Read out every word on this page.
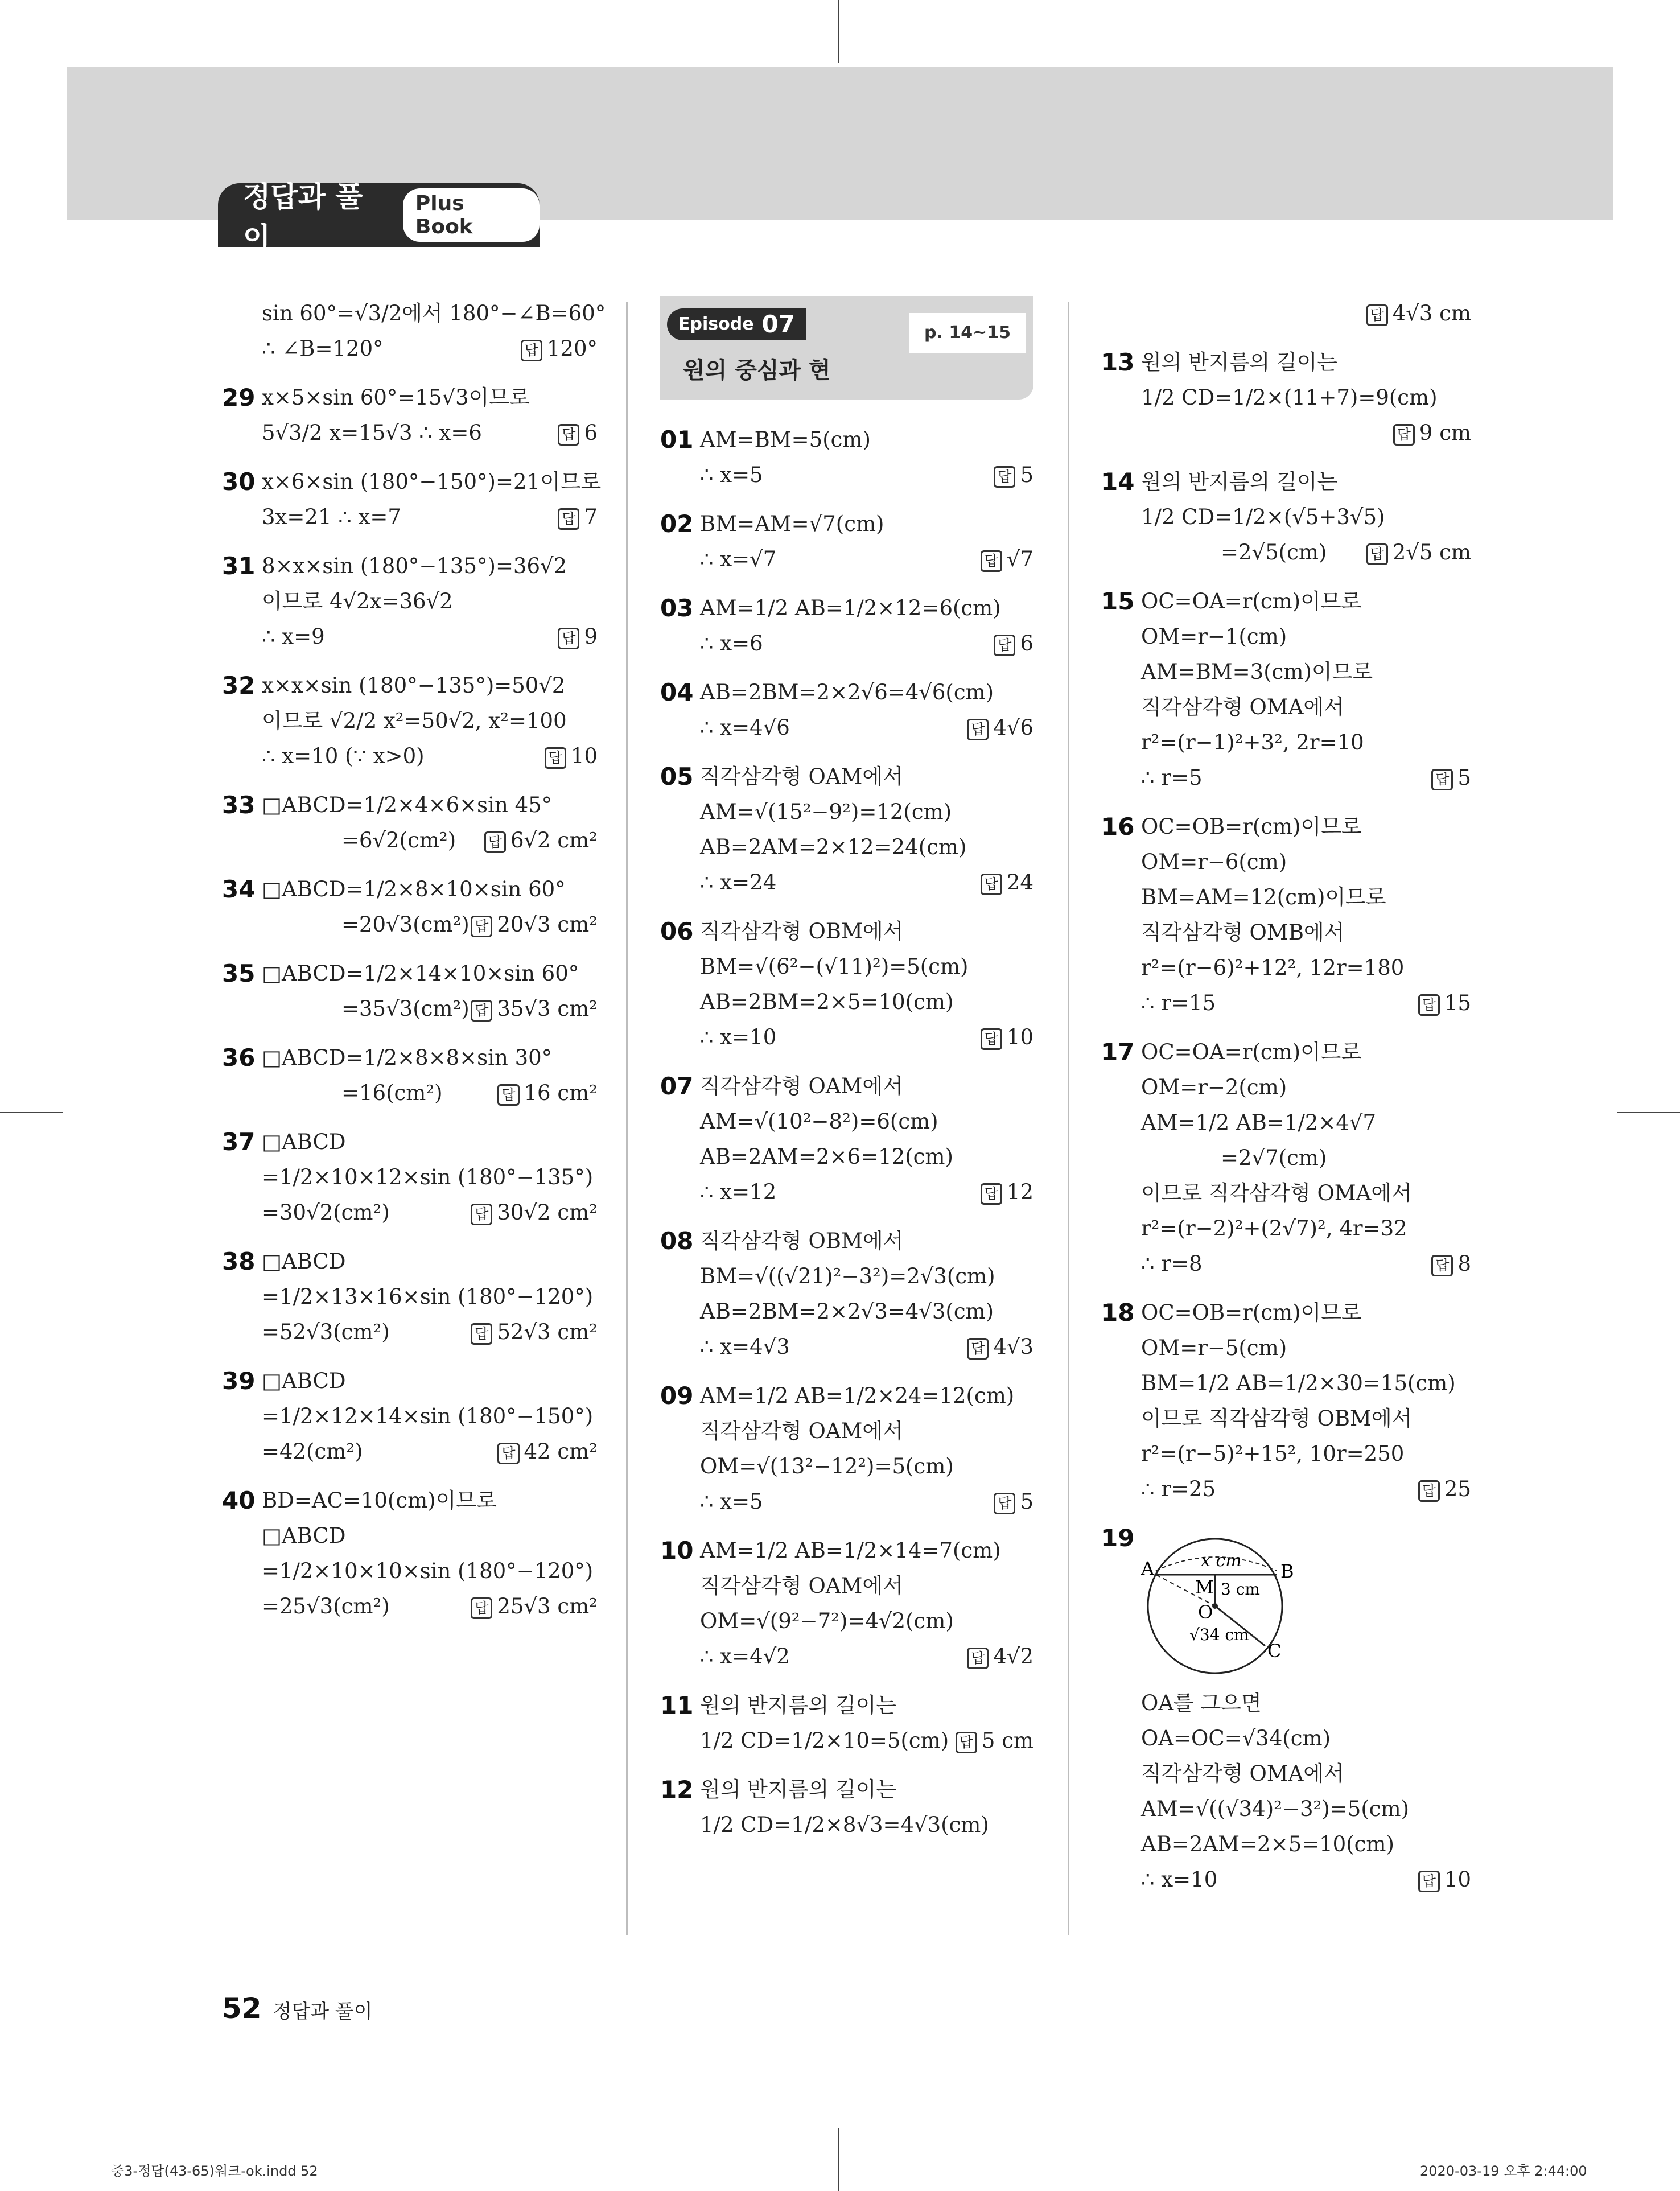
정답과 풀이
Plus Book
sin 60°=√3/2에서 180°−∠B=60°
∴ ∠B=120°	답 120°
29 x×5×sin 60°=15√3이므로
5√3/2 x=15√3 ∴ x=6	답 6
30 x×6×sin (180°−150°)=21이므로
3x=21 ∴ x=7	답 7
31 8×x×sin (180°−135°)=36√2
이므로 4√2x=36√2
∴ x=9	답 9
32 x×x×sin (180°−135°)=50√2
이므로 √2/2 x²=50√2, x²=100
∴ x=10 (∵ x>0)	답 10
33 □ABCD=1/2×4×6×sin 45°
=6√2(cm²) 답 6√2 cm²
34 □ABCD=1/2×8×10×sin 60°
=20√3(cm²) 답 20√3 cm²
35 □ABCD=1/2×14×10×sin 60°
=35√3(cm²) 답 35√3 cm²
36 □ABCD=1/2×8×8×sin 30°
=16(cm²)	답 16 cm²
37 □ABCD
=1/2×10×12×sin (180°−135°)
=30√2(cm²)	답 30√2 cm²
38 □ABCD
=1/2×13×16×sin (180°−120°)
=52√3(cm²)	답 52√3 cm²
39 □ABCD
=1/2×12×14×sin (180°−150°)
=42(cm²)	답 42 cm²
40 BD=AC=10(cm)이므로
□ABCD
=1/2×10×10×sin (180°−120°)
=25√3(cm²)	답 25√3 cm²
Episode 07	p. 14~15
원의 중심과 현
01 AM=BM=5(cm)
∴ x=5	답 5
02 BM=AM=√7(cm)
∴ x=√7	답 √7
03 AM=1/2 AB=1/2×12=6(cm)
∴ x=6	답 6
04 AB=2BM=2×2√6=4√6(cm)
∴ x=4√6	답 4√6
05 직각삼각형 OAM에서
AM=√(15²−9²)=12(cm)
AB=2AM=2×12=24(cm)
∴ x=24	답 24
06 직각삼각형 OBM에서
BM=√(6²−(√11)²)=5(cm)
AB=2BM=2×5=10(cm)
∴ x=10	답 10
07 직각삼각형 OAM에서
AM=√(10²−8²)=6(cm)
AB=2AM=2×6=12(cm)
∴ x=12	답 12
08 직각삼각형 OBM에서
BM=√((√21)²−3²)=2√3(cm)
AB=2BM=2×2√3=4√3(cm)
∴ x=4√3	답 4√3
09 AM=1/2 AB=1/2×24=12(cm)
직각삼각형 OAM에서
OM=√(13²−12²)=5(cm)
∴ x=5	답 5
10 AM=1/2 AB=1/2×14=7(cm)
직각삼각형 OAM에서
OM=√(9²−7²)=4√2(cm)
∴ x=4√2	답 4√2
11 원의 반지름의 길이는
1/2 CD=1/2×10=5(cm) 답 5 cm
12 원의 반지름의 길이는
1/2 CD=1/2×8√3=4√3(cm)
답 4√3 cm
13 원의 반지름의 길이는
1/2 CD=1/2×(11+7)=9(cm)
답 9 cm
14 원의 반지름의 길이는
1/2 CD=1/2×(√5+3√5)
=2√5(cm)	답 2√5 cm
15 OC=OA=r(cm)이므로
OM=r−1(cm)
AM=BM=3(cm)이므로
직각삼각형 OMA에서
r²=(r−1)²+3², 2r=10
∴ r=5	답 5
16 OC=OB=r(cm)이므로
OM=r−6(cm)
BM=AM=12(cm)이므로
직각삼각형 OMB에서
r²=(r−6)²+12², 12r=180
∴ r=15	답 15
17 OC=OA=r(cm)이므로
OM=r−2(cm)
AM=1/2 AB=1/2×4√7
=2√7(cm)
이므로 직각삼각형 OMA에서
r²=(r−2)²+(2√7)², 4r=32
∴ r=8	답 8
18 OC=OB=r(cm)이므로
OM=r−5(cm)
BM=1/2 AB=1/2×30=15(cm)
이므로 직각삼각형 OBM에서
r²=(r−5)²+15², 10r=250
∴ r=25	답 25
19
A	B
C
M
O
x cm
3 cm
√34 cm
OA를 그으면
OA=OC=√34(cm)
직각삼각형 OMA에서
AM=√((√34)²−3²)=5(cm)
AB=2AM=2×5=10(cm)
∴ x=10	답 10
52 정답과 풀이
중3-정답(43-65)워크-ok.indd 52	2020-03-19 오후 2:44:00
